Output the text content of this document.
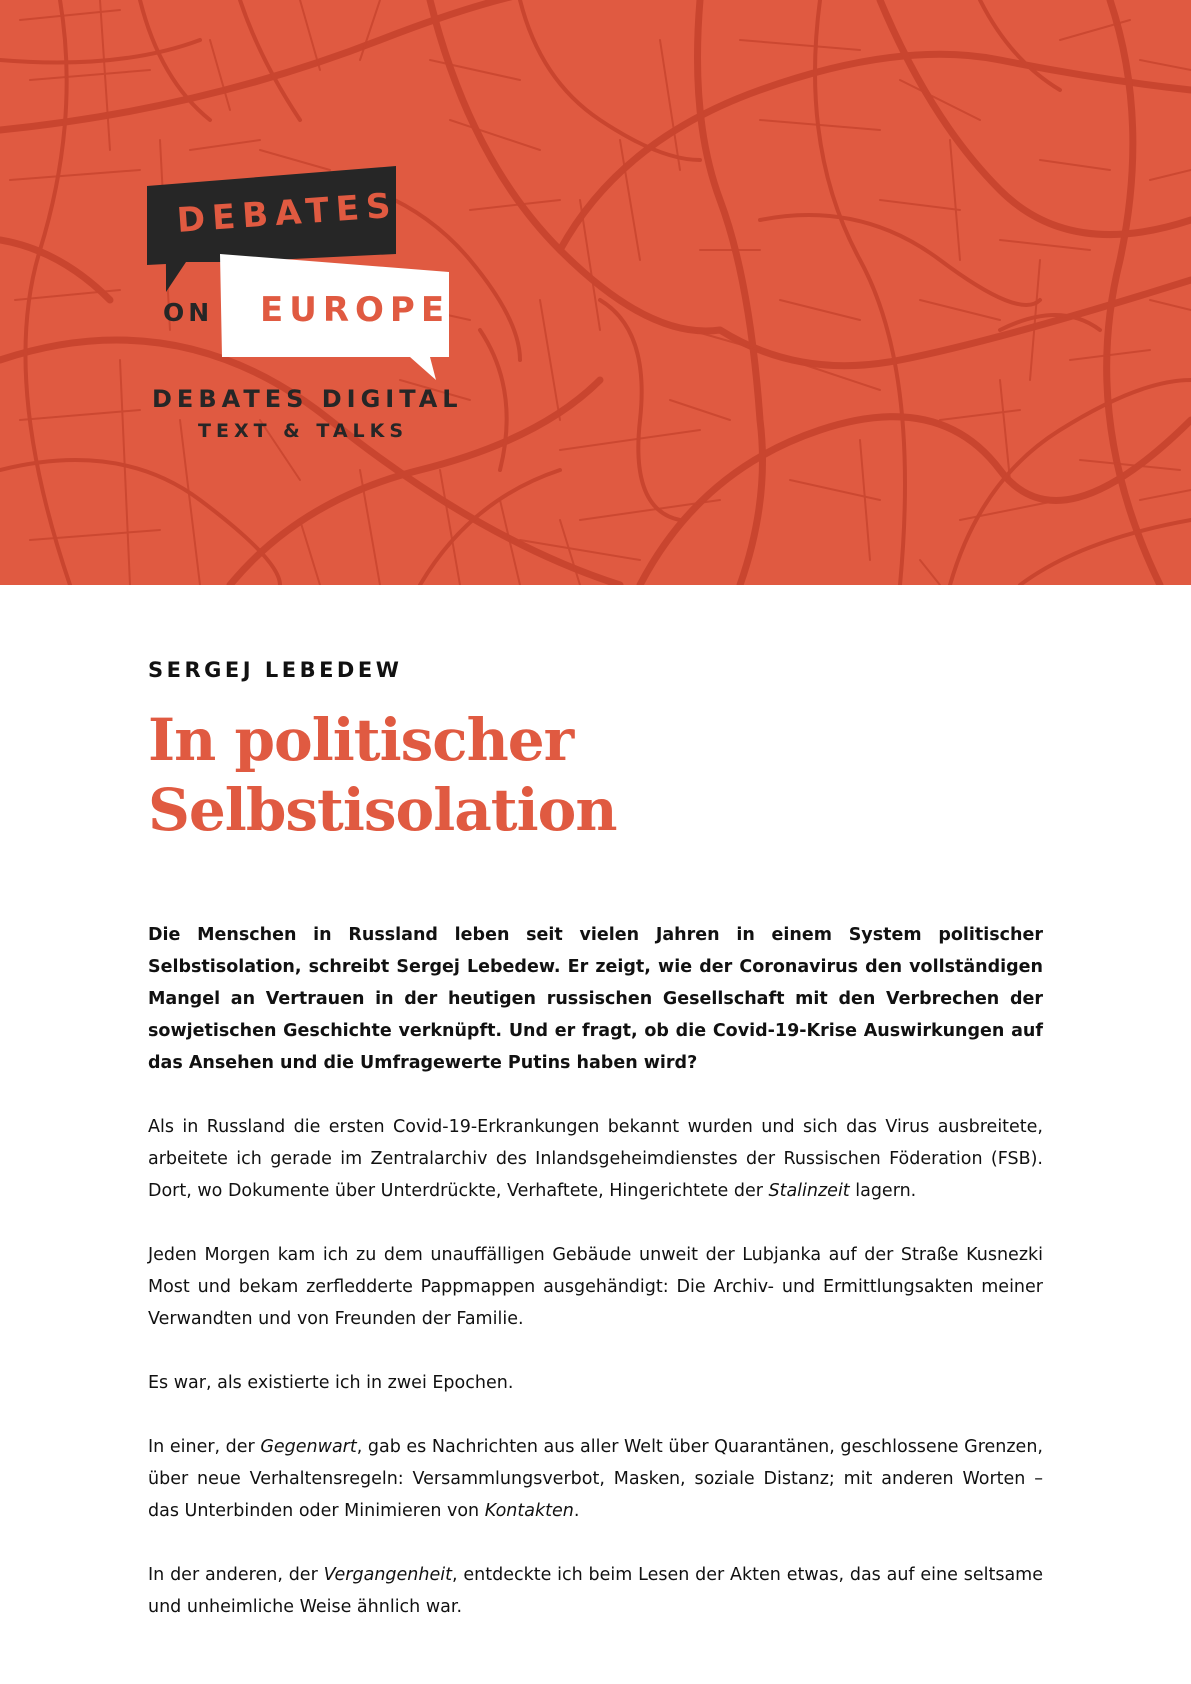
DEBATES
ON EUROPE
DEBATES DIGITAL
TEXT & TALKS

SERGEJ LEBEDEW

In politischer Selbstisolation

Die Menschen in Russland leben seit vielen Jahren in einem System politischer Selbstisolation, schreibt Sergej Lebedew. Er zeigt, wie der Coronavirus den vollständigen Mangel an Vertrauen in der heutigen russischen Gesellschaft mit den Verbrechen der sowjetischen Geschichte verknüpft. Und er fragt, ob die Covid-19-Krise Auswirkungen auf das Ansehen und die Umfragewerte Putins haben wird?

Als in Russland die ersten Covid-19-Erkrankungen bekannt wurden und sich das Virus ausbreitete, arbeitete ich gerade im Zentralarchiv des Inlandsgeheimdienstes der Russischen Föderation (FSB). Dort, wo Dokumente über Unterdrückte, Verhaftete, Hingerichtete der Stalinzeit lagern.

Jeden Morgen kam ich zu dem unauffälligen Gebäude unweit der Lubjanka auf der Straße Kusnezki Most und bekam zerfledderte Pappmappen ausgehändigt: Die Archiv- und Ermittlungsakten meiner Verwandten und von Freunden der Familie.

Es war, als existierte ich in zwei Epochen.

In einer, der Gegenwart, gab es Nachrichten aus aller Welt über Quarantänen, geschlossene Grenzen, über neue Verhaltensregeln: Versammlungsverbot, Masken, soziale Distanz; mit anderen Worten – das Unterbinden oder Minimieren von Kontakten.

In der anderen, der Vergangenheit, entdeckte ich beim Lesen der Akten etwas, das auf eine seltsame und unheimliche Weise ähnlich war.
